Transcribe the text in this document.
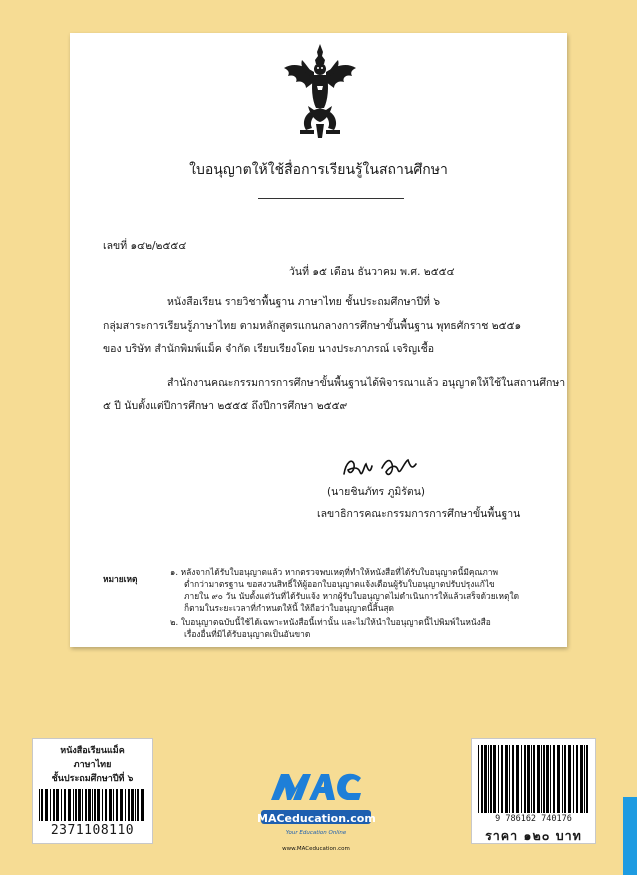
ใบอนุญาตให้ใช้สื่อการเรียนรู้ในสถานศึกษา
เลขที่ ๑๔๒/๒๕๕๔
วันที่ ๑๕ เดือน ธันวาคม พ.ศ. ๒๕๕๔
หนังสือเรียน รายวิชาพื้นฐาน ภาษาไทย ชั้นประถมศึกษาปีที่ ๖
กลุ่มสาระการเรียนรู้ภาษาไทย ตามหลักสูตรแกนกลางการศึกษาขั้นพื้นฐาน พุทธศักราช ๒๕๕๑
ของ บริษัท สำนักพิมพ์แม็ค จำกัด เรียบเรียงโดย นางประภาภรณ์ เจริญเชื้อ
สำนักงานคณะกรรมการการศึกษาขั้นพื้นฐานได้พิจารณาแล้ว อนุญาตให้ใช้ในสถานศึกษา
๕ ปี นับตั้งแต่ปีการศึกษา ๒๕๕๕ ถึงปีการศึกษา ๒๕๕๙
(นายชินภัทร ภูมิรัตน)
เลขาธิการคณะกรรมการการศึกษาขั้นพื้นฐาน
หมายเหตุ
๑. หลังจากได้รับใบอนุญาตแล้ว หากตรวจพบเหตุที่ทำให้หนังสือที่ได้รับใบอนุญาตนี้มีคุณภาพ
ต่ำกว่ามาตรฐาน ขอสงวนสิทธิ์ให้ผู้ออกใบอนุญาตแจ้งเตือนผู้รับใบอนุญาตปรับปรุงแก้ไข
ภายใน ๙๐ วัน นับตั้งแต่วันที่ได้รับแจ้ง หากผู้รับใบอนุญาตไม่ดำเนินการให้แล้วเสร็จด้วยเหตุใด
ก็ตามในระยะเวลาที่กำหนดให้นี้ ให้ถือว่าใบอนุญาตนี้สิ้นสุด
๒. ใบอนุญาตฉบับนี้ใช้ได้เฉพาะหนังสือนี้เท่านั้น และไม่ให้นำใบอนุญาตนี้ไปพิมพ์ในหนังสือ
เรื่องอื่นที่มิได้รับอนุญาตเป็นอันขาด
หนังสือเรียนแม็ค
ภาษาไทย
ชั้นประถมศึกษาปีที่ ๖
2371108110
MACeducation.com
Your Education Online
www.MACeducation.com
9 786162 740176
ราคา ๑๒๐ บาท
